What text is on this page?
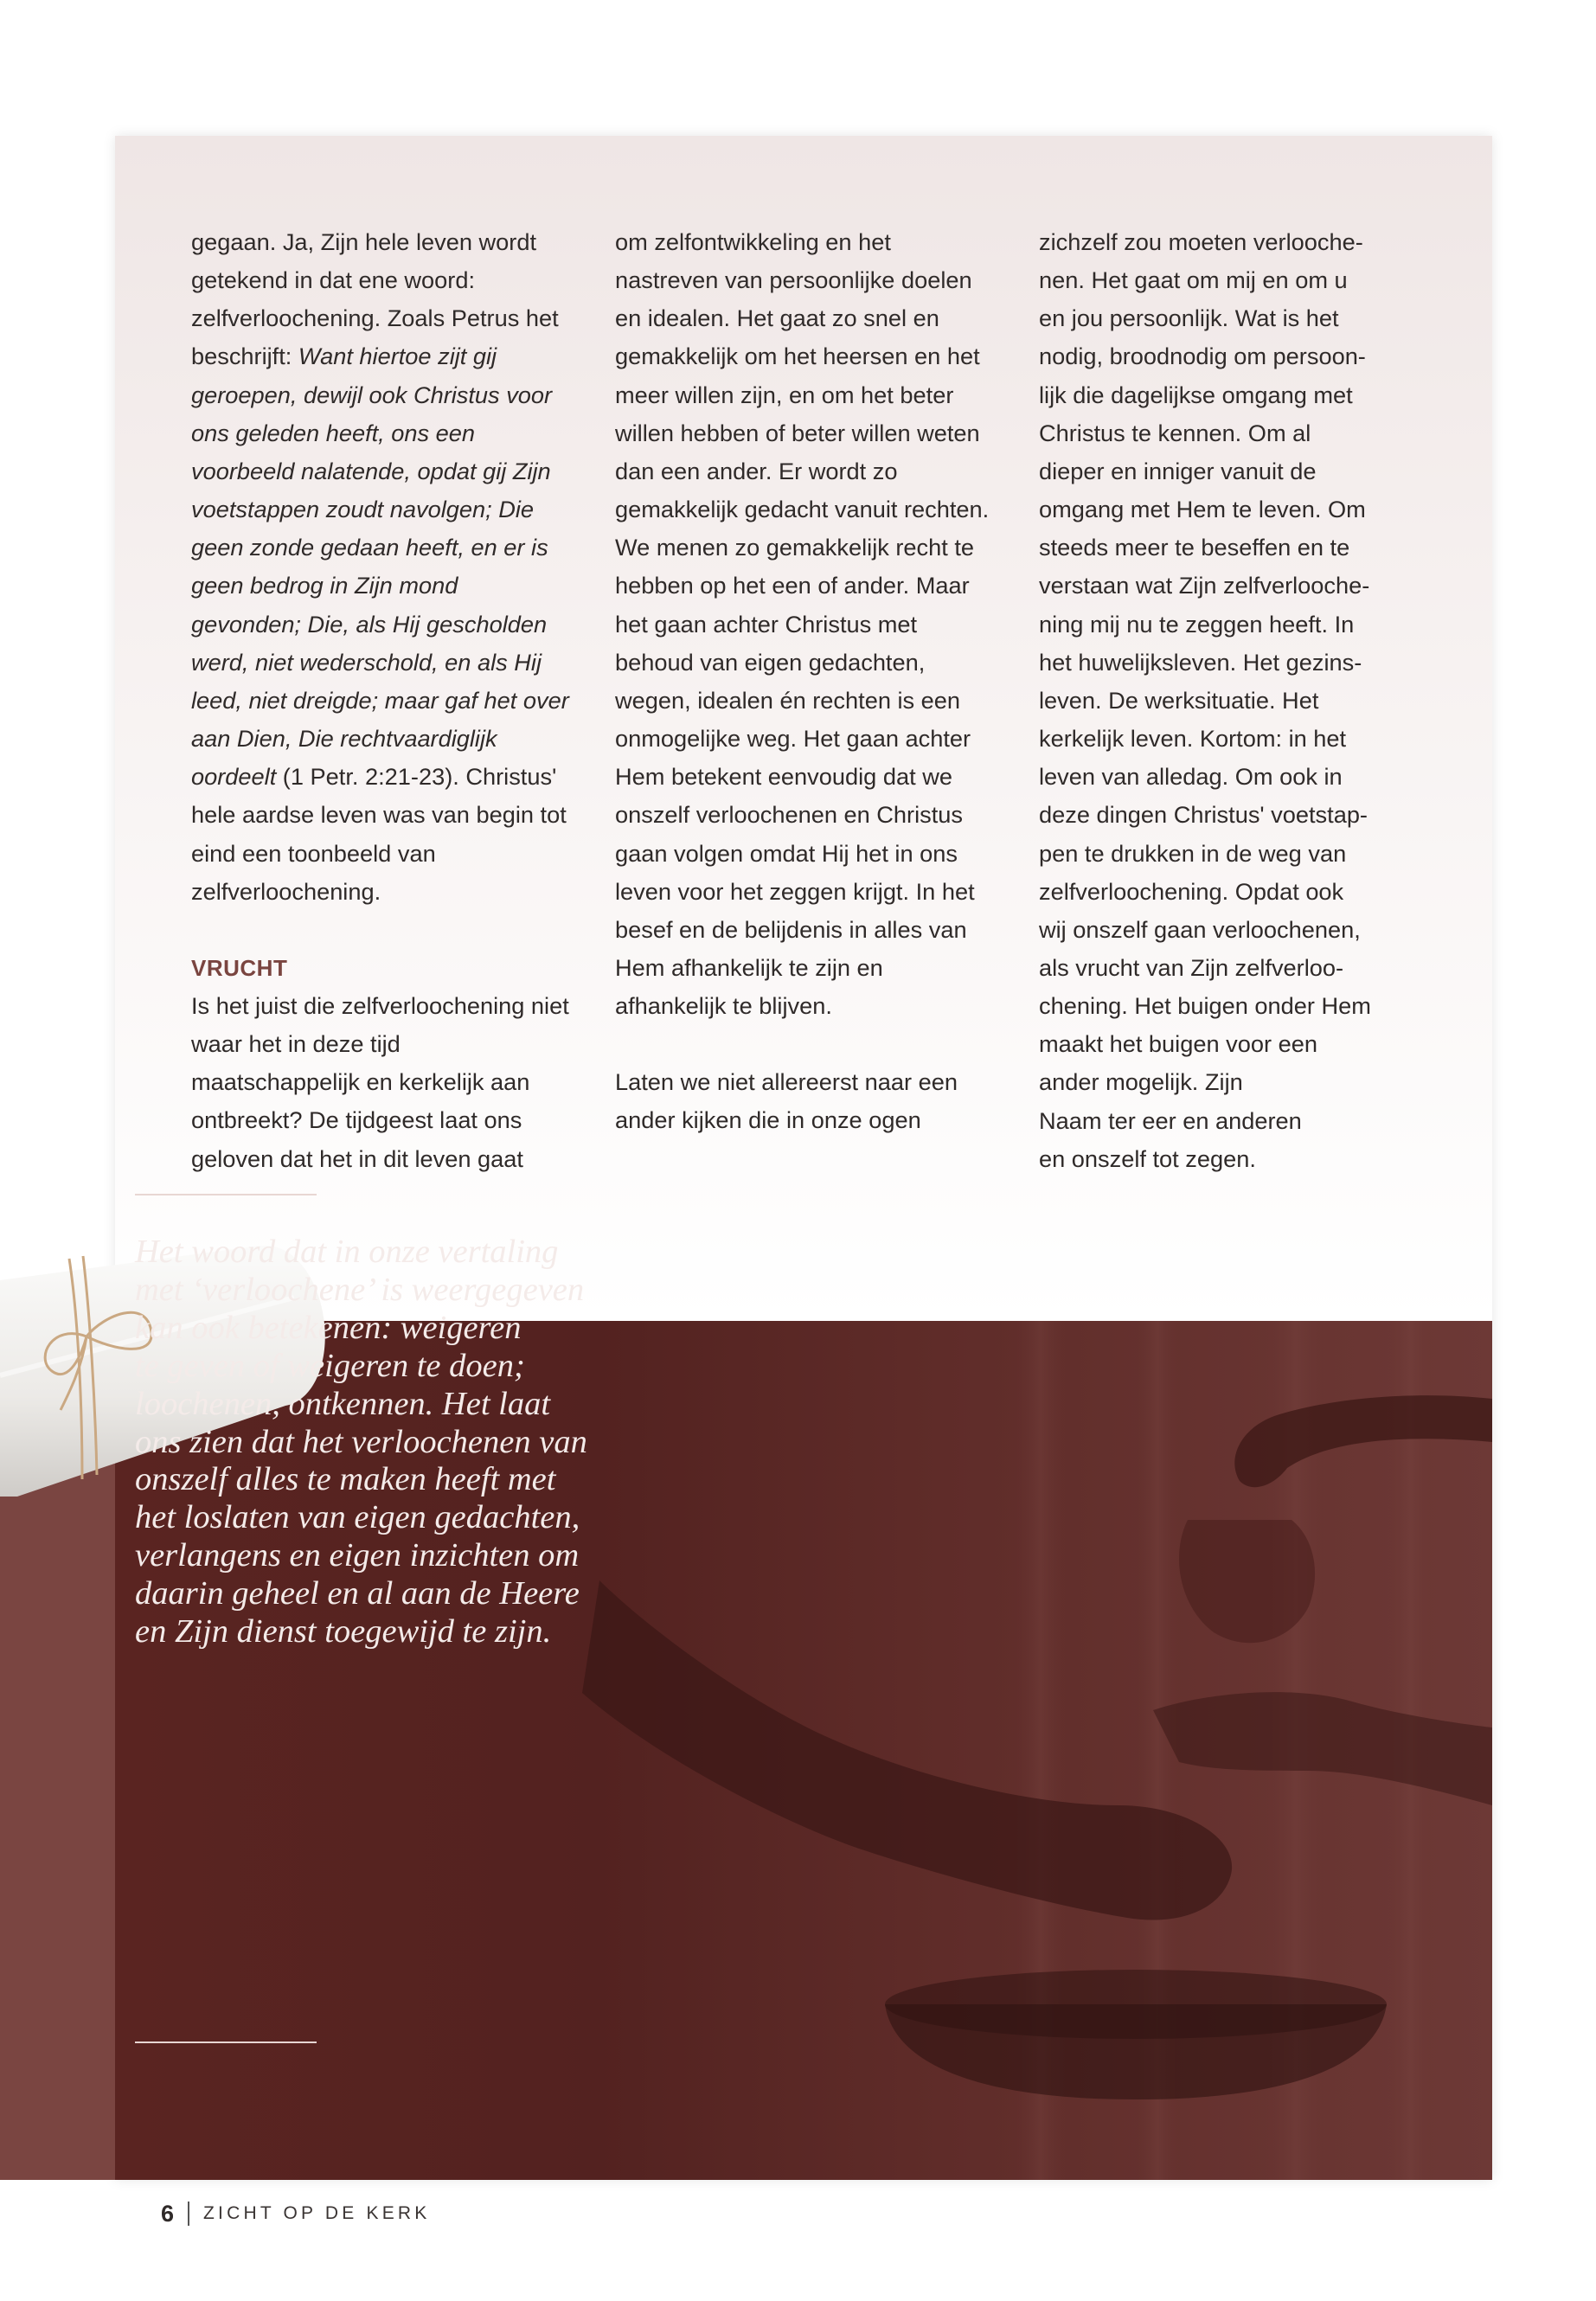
gegaan. Ja, Zijn hele leven wordt getekend in dat ene woord: zelfverloochening. Zoals Petrus het beschrijft: Want hiertoe zijt gij geroepen, dewijl ook Christus voor ons geleden heeft, ons een voorbeeld nalatende, opdat gij Zijn voetstappen zoudt navolgen; Die geen zonde gedaan heeft, en er is geen bedrog in Zijn mond gevonden; Die, als Hij gescholden werd, niet wederschold, en als Hij leed, niet dreigde; maar gaf het over aan Dien, Die rechtvaardiglijk oordeelt (1 Petr. 2:21-23). Christus' hele aardse leven was van begin tot eind een toonbeeld van zelfverloochening.

VRUCHT

Is het juist die zelfverloochening niet waar het in deze tijd maatschappelijk en kerkelijk aan ontbreekt? De tijdgeest laat ons geloven dat het in dit leven gaat

om zelfontwikkeling en het nastreven van persoonlijke doelen en idealen. Het gaat zo snel en gemakkelijk om het heersen en het meer willen zijn, en om het beter willen hebben of beter willen weten dan een ander. Er wordt zo gemakkelijk gedacht vanuit rechten. We menen zo gemakkelijk recht te hebben op het een of ander. Maar het gaan achter Christus met behoud van eigen gedachten, wegen, idealen én rechten is een onmogelijke weg. Het gaan achter Hem betekent eenvoudig dat we onszelf verloochenen en Christus gaan volgen omdat Hij het in ons leven voor het zeggen krijgt. In het besef en de belijdenis in alles van Hem afhankelijk te zijn en afhankelijk te blijven.

Laten we niet allereerst naar een ander kijken die in onze ogen

zichzelf zou moeten verlooche-
nen. Het gaat om mij en om u
en jou persoonlijk. Wat is het
nodig, broodnodig om persoon-
lijk die dagelijkse omgang met
Christus te kennen. Om al
dieper en inniger vanuit de
omgang met Hem te leven. Om
steeds meer te beseffen en te
verstaan wat Zijn zelfverlooche-
ning mij nu te zeggen heeft. In
het huwelijksleven. Het gezins-
leven. De werksituatie. Het
kerkelijk leven. Kortom: in het
leven van alledag. Om ook in
deze dingen Christus' voetstap-
pen te drukken in de weg van
zelfverloochening. Opdat ook
wij onszelf gaan verloochenen,
als vrucht van Zijn zelfverloo-
chening. Het buigen onder Hem
maakt het buigen voor een
ander mogelijk. Zijn
Naam ter eer en anderen
en onszelf tot zegen.

Het woord dat in onze vertaling

met ‘verloochene’ is weergegeven

kan ook betekenen: weigeren

te geven of weigeren te doen;

loochenen, ontkennen. Het laat

ons zien dat het verloochenen van

onszelf alles te maken heeft met

het loslaten van eigen gedachten,

verlangens en eigen inzichten om

daarin geheel en al aan de Heere

en Zijn dienst toegewijd te zijn.

6 ZICHT OP DE KERK
